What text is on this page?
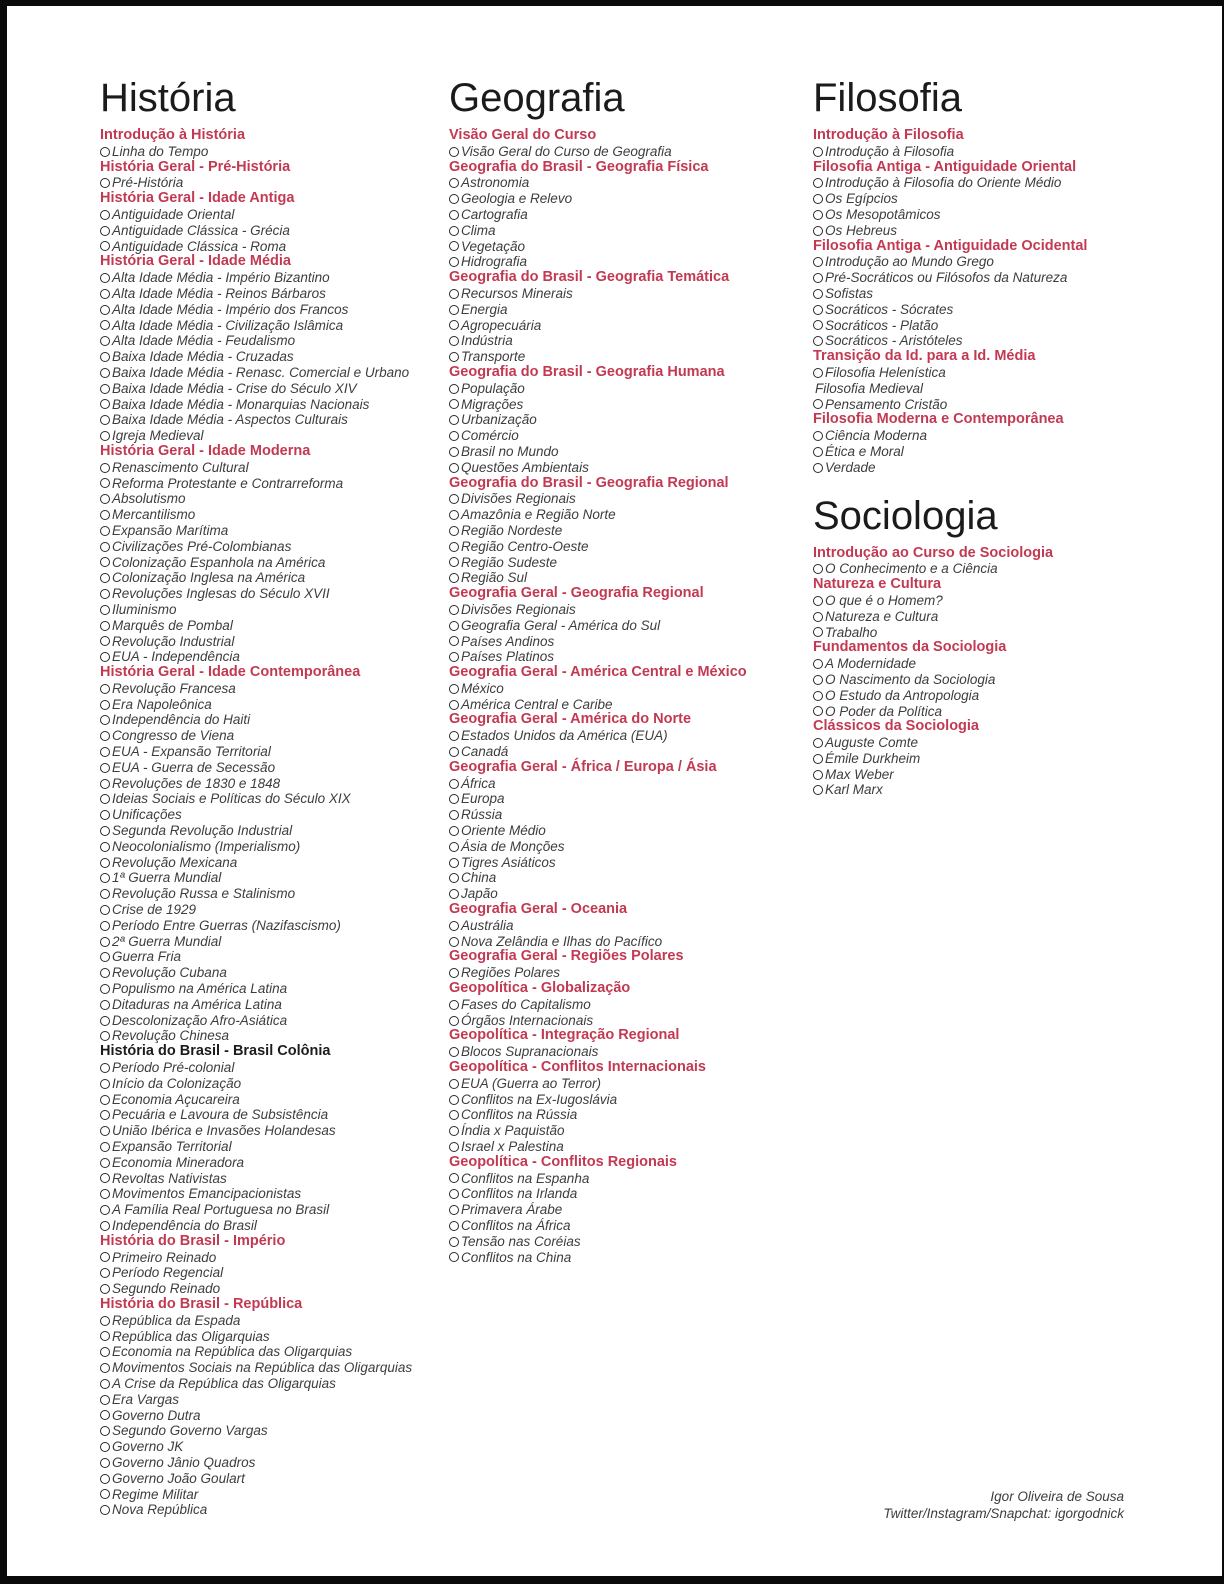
História
Introdução à História
Linha do Tempo
História Geral - Pré-História
Pré-História
História Geral - Idade Antiga
Antiguidade Oriental
Antiguidade Clássica - Grécia
Antiguidade Clássica - Roma
História Geral - Idade Média
Alta Idade Média - Império Bizantino
Alta Idade Média - Reinos Bárbaros
Alta Idade Média - Império dos Francos
Alta Idade Média - Civilização Islâmica
Alta Idade Média - Feudalismo
Baixa Idade Média - Cruzadas
Baixa Idade Média - Renasc. Comercial e Urbano
Baixa Idade Média - Crise do Século XIV
Baixa Idade Média - Monarquias Nacionais
Baixa Idade Média - Aspectos Culturais
Igreja Medieval
História Geral - Idade Moderna
Renascimento Cultural
Reforma Protestante e Contrarreforma
Absolutismo
Mercantilismo
Expansão Marítima
Civilizações Pré-Colombianas
Colonização Espanhola na América
Colonização Inglesa na América
Revoluções Inglesas do Século XVII
Iluminismo
Marquês de Pombal
Revolução Industrial
EUA - Independência
História Geral - Idade Contemporânea
Revolução Francesa
Era Napoleônica
Independência do Haiti
Congresso de Viena
EUA - Expansão Territorial
EUA - Guerra de Secessão
Revoluções de 1830 e 1848
Ideias Sociais e Políticas do Século XIX
Unificações
Segunda Revolução Industrial
Neocolonialismo (Imperialismo)
Revolução Mexicana
1ª Guerra Mundial
Revolução Russa e Stalinismo
Crise de 1929
Período Entre Guerras (Nazifascismo)
2ª Guerra Mundial
Guerra Fria
Revolução Cubana
Populismo na América Latina
Ditaduras na América Latina
Descolonização Afro-Asiática
Revolução Chinesa
História do Brasil - Brasil Colônia
Período Pré-colonial
Início da Colonização
Economia Açucareira
Pecuária e Lavoura de Subsistência
União Ibérica e Invasões Holandesas
Expansão Territorial
Economia Mineradora
Revoltas Nativistas
Movimentos Emancipacionistas
A Família Real Portuguesa no Brasil
Independência do Brasil
História do Brasil - Império
Primeiro Reinado
Período Regencial
Segundo Reinado
História do Brasil - República
República da Espada
República das Oligarquias
Economia na República das Oligarquias
Movimentos Sociais na República das Oligarquias
A Crise da República das Oligarquias
Era Vargas
Governo Dutra
Segundo Governo Vargas
Governo JK
Governo Jânio Quadros
Governo João Goulart
Regime Militar
Nova República
Geografia
Visão Geral do Curso
Visão Geral do Curso de Geografia
Geografia do Brasil - Geografia Física
Astronomia
Geologia e Relevo
Cartografia
Clima
Vegetação
Hidrografia
Geografia do Brasil - Geografia Temática
Recursos Minerais
Energia
Agropecuária
Indústria
Transporte
Geografia do Brasil - Geografia Humana
População
Migrações
Urbanização
Comércio
Brasil no Mundo
Questões Ambientais
Geografia do Brasil - Geografia Regional
Divisões Regionais
Amazônia e Região Norte
Região Nordeste
Região Centro-Oeste
Região Sudeste
Região Sul
Geografia Geral - Geografia Regional
Divisões Regionais
Geografia Geral - América do Sul
Países Andinos
Países Platinos
Geografia Geral - América Central e México
México
América Central e Caribe
Geografia Geral - América do Norte
Estados Unidos da América (EUA)
Canadá
Geografia Geral - África / Europa / Ásia
África
Europa
Rússia
Oriente Médio
Ásia de Monções
Tigres Asiáticos
China
Japão
Geografia Geral - Oceania
Austrália
Nova Zelândia e Ilhas do Pacífico
Geografia Geral - Regiões Polares
Regiões Polares
Geopolítica - Globalização
Fases do Capitalismo
Órgãos Internacionais
Geopolítica - Integração Regional
Blocos Supranacionais
Geopolítica - Conflitos Internacionais
EUA (Guerra ao Terror)
Conflitos na Ex-Iugoslávia
Conflitos na Rússia
Índia x Paquistão
Israel x Palestina
Geopolítica - Conflitos Regionais
Conflitos na Espanha
Conflitos na Irlanda
Primavera Árabe
Conflitos na África
Tensão nas Coréias
Conflitos na China
Filosofia
Introdução à Filosofia
Introdução à Filosofia
Filosofia Antiga - Antiguidade Oriental
Introdução à Filosofia do Oriente Médio
Os Egípcios
Os Mesopotâmicos
Os Hebreus
Filosofia Antiga - Antiguidade Ocidental
Introdução ao Mundo Grego
Pré-Socráticos ou Filósofos da Natureza
Sofistas
Socráticos - Sócrates
Socráticos - Platão
Socráticos - Aristóteles
Transição da Id. para a Id. Média
Filosofia Helenística
Filosofia Medieval
Pensamento Cristão
Filosofia Moderna e Contemporânea
Ciência Moderna
Ética e Moral
Verdade
Sociologia
Introdução ao Curso de Sociologia
O Conhecimento e a Ciência
Natureza e Cultura
O que é o Homem?
Natureza e Cultura
Trabalho
Fundamentos da Sociologia
A Modernidade
O Nascimento da Sociologia
O Estudo da Antropologia
O Poder da Política
Clássicos da Sociologia
Auguste Comte
Émile Durkheim
Max Weber
Karl Marx
Igor Oliveira de Sousa
Twitter/Instagram/Snapchat: igorgodnick
